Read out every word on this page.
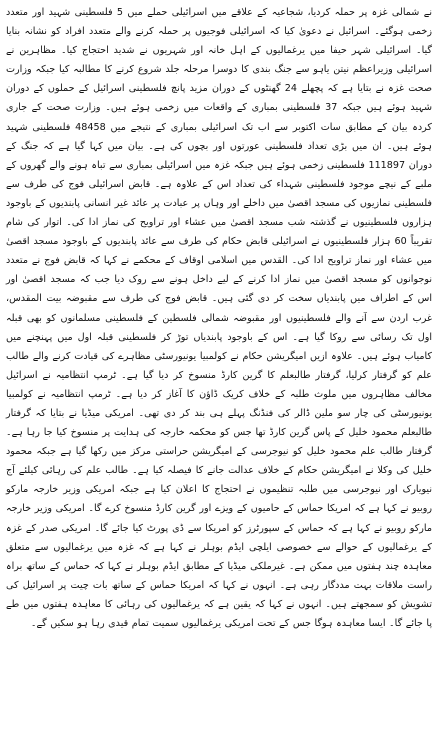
نے شمالی غزہ پر حملہ کردیا، شجاعیہ کے علاقے میں اسرائیلی حملے میں 5 فلسطینی شہید اور متعدد زخمی ہوگئے۔ اسرائیل نے دعویٰ کیا کہ اسرائیلی فوجیوں پر حملہ کرنے والے متعدد افراد کو نشانہ بنایا گیا۔ اسرائیلی شہر حیفا میں یرغمالیوں کے اہل خانہ اور شہریوں نے شدید احتجاج کیا۔ مظاہرین نے اسرائیلی وزیراعظم نیتن یاہو سے جنگ بندی کا دوسرا مرحلہ جلد شروع کرنے کا مطالبہ کیا جبکہ وزارت صحت غزہ نے بتایا ہے کہ پچھلے 24 گھنٹوں کے دوران مزید پانچ فلسطینی اسرائیل کے حملوں کے دوران شہید ہوئے ہیں جبکہ 37 فلسطینی بمباری کے واقعات میں زخمی ہوئے ہیں۔ وزارت صحت کے جاری کردہ بیان کے مطابق سات اکتوبر سے اب تک اسرائیلی بمباری کے نتیجے میں 48458 فلسطینی شہید ہوئے ہیں۔ ان میں بڑی تعداد فلسطینی عورتوں اور بچوں کی ہے۔ بیان میں کہا گیا ہے کہ جنگ کے دوران 111897 فلسطینی زخمی ہوئے ہیں جبکہ غزہ میں اسرائیلی بمباری سے تباہ ہونے والے گھروں کے ملبے کے نیچے موجود فلسطینی شہداء کی تعداد اس کے علاوہ ہے۔ قابض اسرائیلی فوج کی طرف سے فلسطینی نمازیوں کی مسجد اقصیٰ میں داخلے اور وہاں پر عبادت پر عائد غیر انسانی پابندیوں کے باوجود ہزاروں فلسطینیوں نے گذشتہ شب مسجد اقصیٰ میں عشاء اور تراویح کی نماز ادا کی۔ اتوار کی شام تقریباً 60 ہزار فلسطینیوں نے اسرائیلی قابض حکام کی طرف سے عائد پابندیوں کے باوجود مسجد اقصیٰ میں عشاء اور نماز تراویح ادا کی۔ القدس میں اسلامی اوقاف کے محکمے نے کہا کہ قابض فوج نے متعدد نوجوانوں کو مسجد اقصیٰ میں نماز ادا کرنے کے لیے داخل ہونے سے روک دیا جب کہ مسجد اقصیٰ اور اس کے اطراف میں پابندیاں سخت کر دی گئی ہیں۔ قابض فوج کی طرف سے مقبوضہ بیت المقدس، غرب اردن سے آنے والے فلسطینیوں اور مقبوضہ شمالی فلسطین کے فلسطینی مسلمانوں کو بھی قبلہ اول تک رسائی سے روکا گیا ہے۔ اس کے باوجود پابندیاں توڑ کر فلسطینی قبلہ اول میں پہنچنے میں کامیاب ہوئے ہیں۔ علاوہ ازیں امیگریشن حکام نے کولمبیا یونیورسٹی مظاہرے کی قیادت کرنے والے طالب علم کو گرفتار کرلیا، گرفتار طالبعلم کا گرین کارڈ منسوخ کر دیا گیا ہے۔ ٹرمپ انتظامیہ نے اسرائیل مخالف مظاہروں میں ملوث طلبہ کے خلاف کریک ڈاؤن کا آغاز کر دیا ہے۔ ٹرمپ انتظامیہ نے کولمبیا یونیورسٹی کی چار سو ملین ڈالر کی فنڈنگ پہلے ہی بند کر دی تھی۔ امریکی میڈیا نے بتایا کہ گرفتار طالبعلم محمود خلیل کے پاس گرین کارڈ تھا جس کو محکمہ خارجہ کی ہدایت پر منسوخ کیا جا رہا ہے۔ گرفتار طالب علم محمود خلیل کو نیوجرسی کے امیگریشن حراستی مرکز میں رکھا گیا ہے جبکہ محمود خلیل کی وکلا نے امیگریشن حکام کے خلاف عدالت جانے کا فیصلہ کیا ہے۔ طالب علم کی رہائی کیلئے آج نیویارک اور نیوجرسی میں طلبہ تنظیموں نے احتجاج کا اعلان کیا ہے جبکہ امریکی وزیر خارجہ مارکو روبیو نے کہا ہے کہ امریکا حماس کے حامیوں کے ویزے اور گرین کارڈ منسوخ کرے گا۔ امریکی وزیر خارجہ مارکو روبیو نے کہا ہے کہ حماس کے سپورٹرز کو امریکا سے ڈی پورٹ کیا جائے گا۔ امریکی صدر کے غزہ کے یرغمالیوں کے حوالے سے خصوصی ایلچی ایڈم بوہلر نے کہا ہے کہ غزہ میں یرغمالیوں سے متعلق معاہدہ چند ہفتوں میں ممکن ہے۔ غیرملکی میڈیا کے مطابق ایڈم بوہلر نے کہا کہ حماس کے ساتھ براہ راست ملاقات بہت مددگار رہی ہے۔ انہوں نے کہا کہ امریکا حماس کے ساتھ بات چیت پر اسرائیل کی تشویش کو سمجھتے ہیں۔ انہوں نے کہا کہ یقین ہے کہ یرغمالیوں کی رہائی کا معاہدہ ہفتوں میں طے پا جائے گا۔ ایسا معاہدہ ہوگا جس کے تحت امریکی یرغمالیوں سمیت تمام قیدی رہا ہو سکیں گے۔
